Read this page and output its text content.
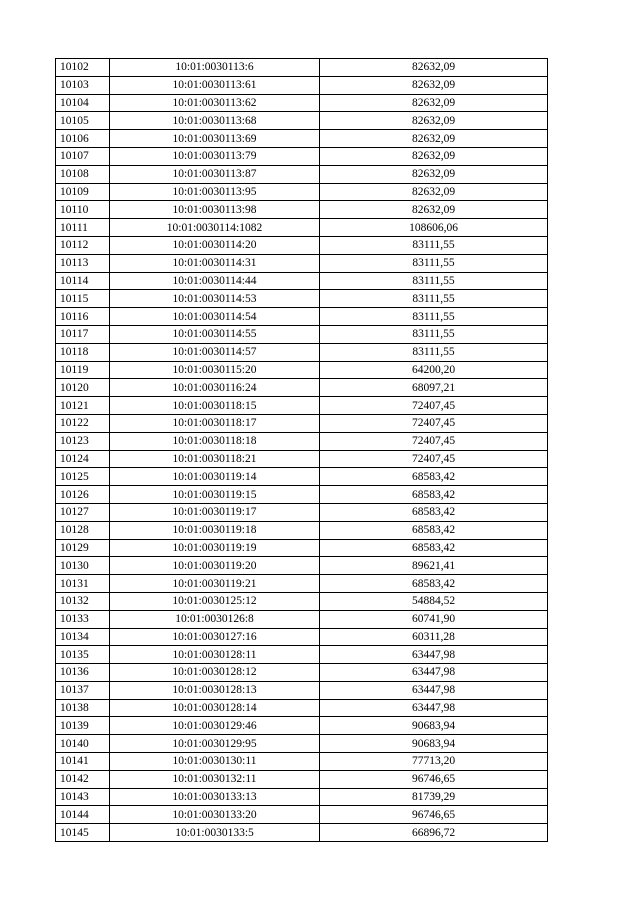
10102	10:01:0030113:6	82632,09
10103	10:01:0030113:61	82632,09
10104	10:01:0030113:62	82632,09
10105	10:01:0030113:68	82632,09
10106	10:01:0030113:69	82632,09
10107	10:01:0030113:79	82632,09
10108	10:01:0030113:87	82632,09
10109	10:01:0030113:95	82632,09
10110	10:01:0030113:98	82632,09
10111	10:01:0030114:1082	108606,06
10112	10:01:0030114:20	83111,55
10113	10:01:0030114:31	83111,55
10114	10:01:0030114:44	83111,55
10115	10:01:0030114:53	83111,55
10116	10:01:0030114:54	83111,55
10117	10:01:0030114:55	83111,55
10118	10:01:0030114:57	83111,55
10119	10:01:0030115:20	64200,20
10120	10:01:0030116:24	68097,21
10121	10:01:0030118:15	72407,45
10122	10:01:0030118:17	72407,45
10123	10:01:0030118:18	72407,45
10124	10:01:0030118:21	72407,45
10125	10:01:0030119:14	68583,42
10126	10:01:0030119:15	68583,42
10127	10:01:0030119:17	68583,42
10128	10:01:0030119:18	68583,42
10129	10:01:0030119:19	68583,42
10130	10:01:0030119:20	89621,41
10131	10:01:0030119:21	68583,42
10132	10:01:0030125:12	54884,52
10133	10:01:0030126:8	60741,90
10134	10:01:0030127:16	60311,28
10135	10:01:0030128:11	63447,98
10136	10:01:0030128:12	63447,98
10137	10:01:0030128:13	63447,98
10138	10:01:0030128:14	63447,98
10139	10:01:0030129:46	90683,94
10140	10:01:0030129:95	90683,94
10141	10:01:0030130:11	77713,20
10142	10:01:0030132:11	96746,65
10143	10:01:0030133:13	81739,29
10144	10:01:0030133:20	96746,65
10145	10:01:0030133:5	66896,72
